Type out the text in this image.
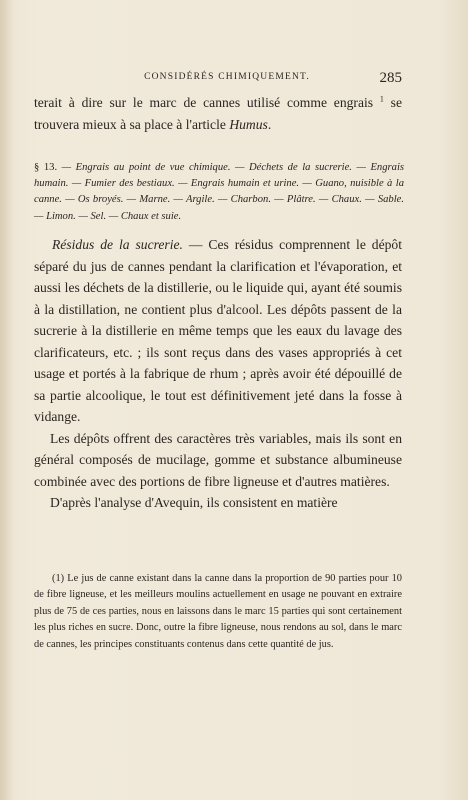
CONSIDÉRÉS CHIMIQUEMENT.	285

terait à dire sur le marc de cannes utilisé comme engrais $^1$ se trouvera mieux à sa place à l'article Humus.

§ 13. — Engrais au point de vue chimique. — Déchets de la sucrerie. — Engrais humain. — Fumier des bestiaux. — Engrais humain et urine. — Guano, nuisible à la canne. — Os broyés. — Marne. — Argile. — Charbon. — Plâtre. — Chaux. — Sable. — Limon. — Sel. — Chaux et suie.

Résidus de la sucrerie. — Ces résidus comprennent le dépôt séparé du jus de cannes pendant la clarification et l'évaporation, et aussi les déchets de la distillerie, ou le liquide qui, ayant été soumis à la distillation, ne contient plus d'alcool. Les dépôts passent de la sucrerie à la distillerie en même temps que les eaux du lavage des clarificateurs, etc. ; ils sont reçus dans des vases appropriés à cet usage et portés à la fabrique de rhum ; après avoir été dépouillé de sa partie alcoolique, le tout est définitivement jeté dans la fosse à vidange.

Les dépôts offrent des caractères très variables, mais ils sont en général composés de mucilage, gomme et substance albumineuse combinée avec des portions de fibre ligneuse et d'autres matières.

D'après l'analyse d'Avequin, ils consistent en matière

(1) Le jus de canne existant dans la canne dans la proportion de 90 parties pour 10 de fibre ligneuse, et les meilleurs moulins actuellement en usage ne pouvant en extraire plus de 75 de ces parties, nous en laissons dans le marc 15 parties qui sont certainement les plus riches en sucre. Donc, outre la fibre ligneuse, nous rendons au sol, dans le marc de cannes, les principes constituants contenus dans cette quantité de jus.
